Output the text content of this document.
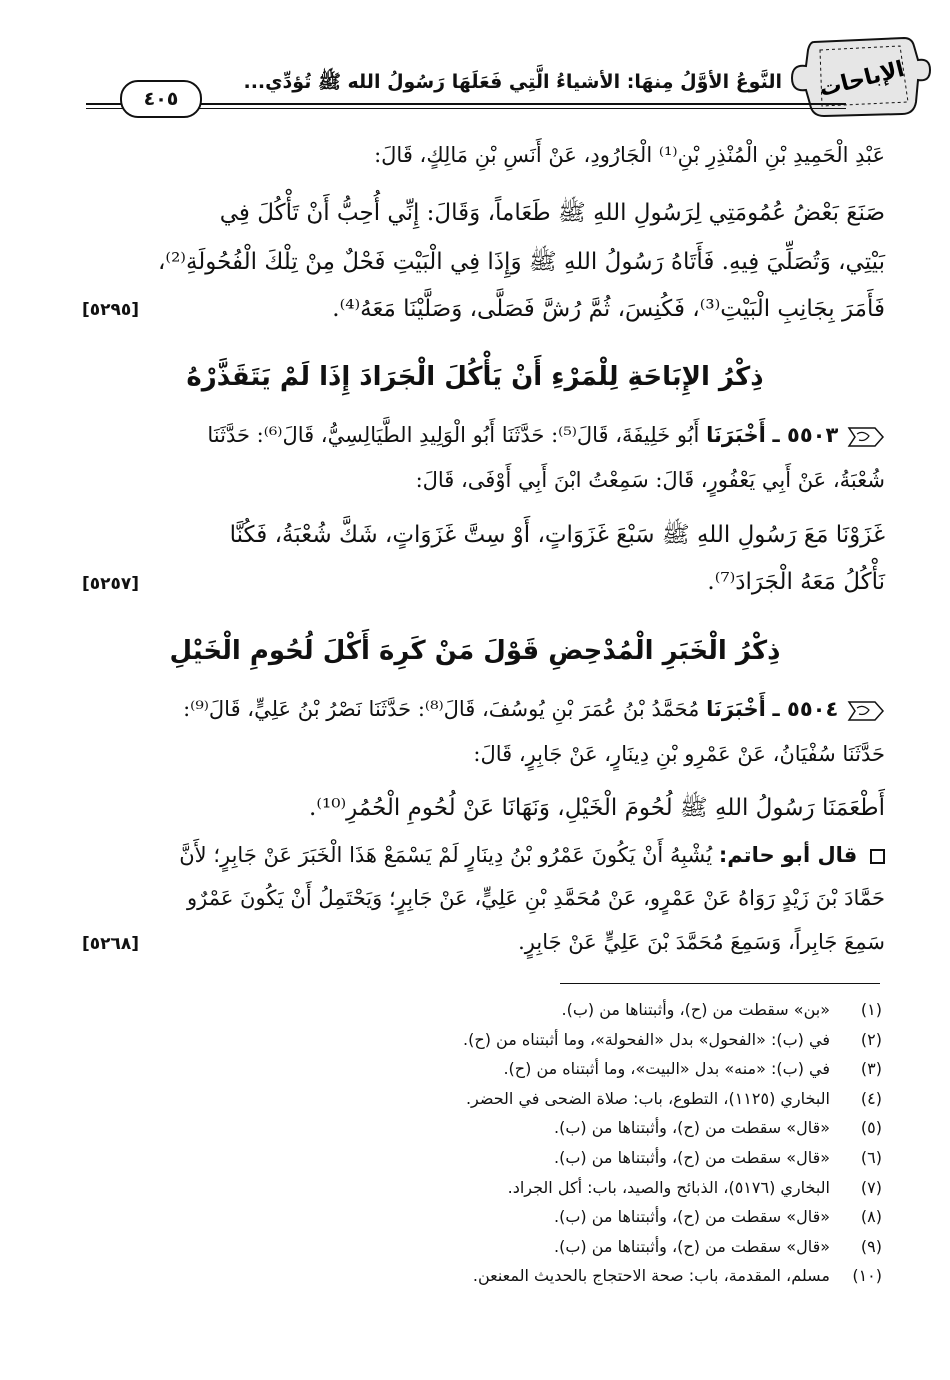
الإباحات
النَّوعُ الأوَّلُ مِنهَا: الأشياءُ الَّتِي فَعَلَهَا رَسُولُ الله ﷺ تُؤدِّي...
٤٠٥
عَبْدِ الْحَمِيدِ بْنِ الْمُنْذِرِ بْنِ⁽¹⁾ الْجَارُودِ، عَنْ أَنَسِ بْنِ مَالِكٍ، قَالَ:
صَنَعَ بَعْضُ عُمُومَتِي لِرَسُولِ اللهِ ﷺ طَعَاماً، وَقَالَ: إِنِّي أُحِبُّ أَنْ تَأْكُلَ فِي
بَيْتِي، وَتُصَلِّيَ فِيهِ. فَأَتَاهُ رَسُولُ اللهِ ﷺ وَإِذَا فِي الْبَيْتِ فَحْلٌ مِنْ تِلْكَ الْفُحُولَةِ⁽²⁾،
فَأَمَرَ بِجَانِبِ الْبَيْتِ⁽³⁾، فَكُنِسَ، ثُمَّ رُشَّ فَصَلَّى، وَصَلَّيْنَا مَعَهُ⁽⁴⁾.
[٥٢٩٥]
ذِكْرُ الإِبَاحَةِ لِلْمَرْءِ أَنْ يَأْكُلَ الْجَرَادَ إِذَا لَمْ يَتَقَذَّرْهُ
٥٥٠٣ ـ أَخْبَرَنَا أَبُو خَلِيفَةَ، قَالَ⁽⁵⁾: حَدَّثَنَا أَبُو الْوَلِيدِ الطَّيَالِسِيُّ، قَالَ⁽⁶⁾: حَدَّثَنَا
شُعْبَةُ، عَنْ أَبِي يَعْفُورٍ، قَالَ: سَمِعْتُ ابْنَ أَبِي أَوْفَى، قَالَ:
غَزَوْنَا مَعَ رَسُولِ اللهِ ﷺ سَبْعَ غَزَوَاتٍ، أَوْ سِتَّ غَزَوَاتٍ، شَكَّ شُعْبَةُ، فَكُنَّا
نَأْكُلُ مَعَهُ الْجَرَادَ⁽⁷⁾.
[٥٢٥٧]
ذِكْرُ الْخَبَرِ الْمُدْحِضِ قَوْلَ مَنْ كَرِهَ أَكْلَ لُحُومِ الْخَيْلِ
٥٥٠٤ ـ أَخْبَرَنَا مُحَمَّدُ بْنُ عُمَرَ بْنِ يُوسُفَ، قَالَ⁽⁸⁾: حَدَّثَنَا نَصْرُ بْنُ عَلِيٍّ، قَالَ⁽⁹⁾:
حَدَّثَنَا سُفْيَانُ، عَنْ عَمْرِو بْنِ دِينَارٍ، عَنْ جَابِرٍ، قَالَ:
أَطْعَمَنَا رَسُولُ اللهِ ﷺ لُحُومَ الْخَيْلِ، وَنَهَانَا عَنْ لُحُومِ الْحُمُرِ⁽¹⁰⁾.
قال أبو حاتم: يُشْبِهُ أَنْ يَكُونَ عَمْرُو بْنُ دِينَارٍ لَمْ يَسْمَعْ هَذَا الْخَبَرَ عَنْ جَابِرٍ؛ لأَنَّ
حَمَّادَ بْنَ زَيْدٍ رَوَاهُ عَنْ عَمْرٍو، عَنْ مُحَمَّدِ بْنِ عَلِيٍّ، عَنْ جَابِرٍ؛ وَيَحْتَمِلُ أَنْ يَكُونَ عَمْرٌو
سَمِعَ جَابِراً، وَسَمِعَ مُحَمَّدَ بْنَ عَلِيٍّ عَنْ جَابِرٍ.
[٥٢٦٨]
(١)«بن» سقطت من (ح)، وأثبتناها من (ب).
(٢)في (ب): «الفحول» بدل «الفحولة»، وما أثبتناه من (ح).
(٣)في (ب): «منه» بدل «البيت»، وما أثبتناه من (ح).
(٤)البخاري (١١٢٥)، التطوع، باب: صلاة الضحى في الحضر.
(٥)«قال» سقطت من (ح)، وأثبتناها من (ب).
(٦)«قال» سقطت من (ح)، وأثبتناها من (ب).
(٧)البخاري (٥١٧٦)، الذبائح والصيد، باب: أكل الجراد.
(٨)«قال» سقطت من (ح)، وأثبتناها من (ب).
(٩)«قال» سقطت من (ح)، وأثبتناها من (ب).
(١٠)مسلم، المقدمة، باب: صحة الاحتجاج بالحديث المعنعن.
